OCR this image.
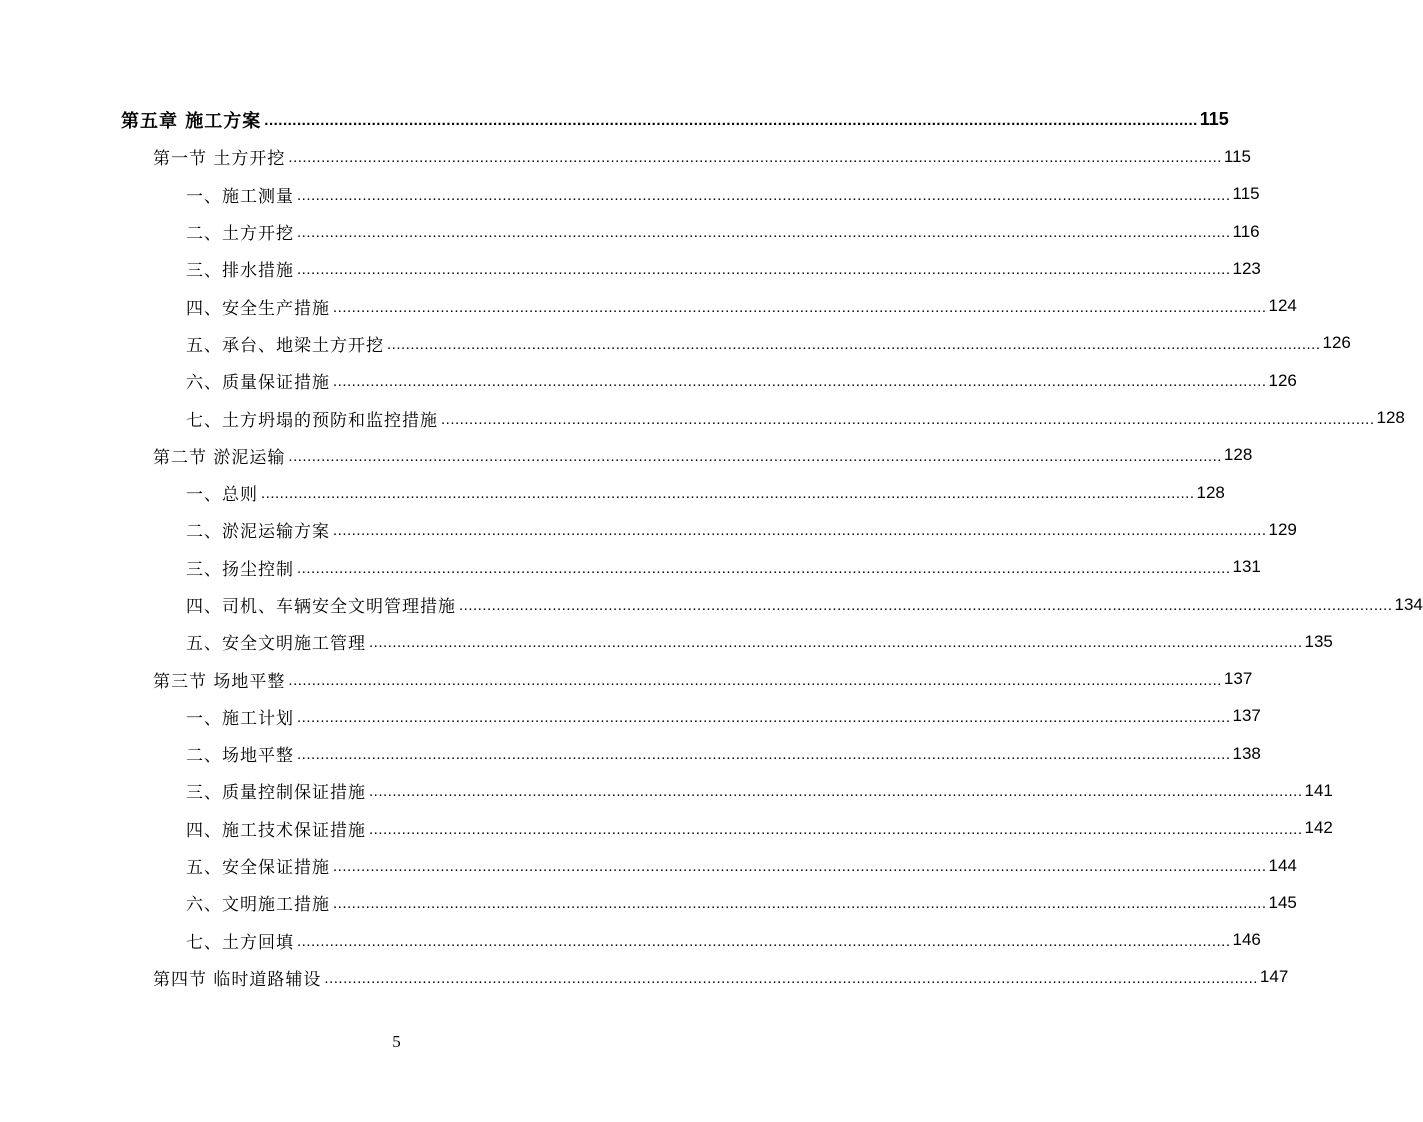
第五章 施工方案 ........................................................................................................................................................................................................ 115
第一节 土方开挖 ........................................................................................................................................................................................................ 115
一、施工测量 ........................................................................................................................................................................................................ 115
二、土方开挖 ........................................................................................................................................................................................................ 116
三、排水措施 ........................................................................................................................................................................................................ 123
四、安全生产措施 ........................................................................................................................................................................................................ 124
五、承台、地梁土方开挖 ........................................................................................................................................................................................................ 126
六、质量保证措施 ........................................................................................................................................................................................................ 126
七、土方坍塌的预防和监控措施 ........................................................................................................................................................................................................ 128
第二节 淤泥运输 ........................................................................................................................................................................................................ 128
一、总则 ........................................................................................................................................................................................................ 128
二、淤泥运输方案 ........................................................................................................................................................................................................ 129
三、扬尘控制 ........................................................................................................................................................................................................ 131
四、司机、车辆安全文明管理措施 ........................................................................................................................................................................................................ 134
五、安全文明施工管理 ........................................................................................................................................................................................................ 135
第三节 场地平整 ........................................................................................................................................................................................................ 137
一、施工计划 ........................................................................................................................................................................................................ 137
二、场地平整 ........................................................................................................................................................................................................ 138
三、质量控制保证措施 ........................................................................................................................................................................................................ 141
四、施工技术保证措施 ........................................................................................................................................................................................................ 142
五、安全保证措施 ........................................................................................................................................................................................................ 144
六、文明施工措施 ........................................................................................................................................................................................................ 145
七、土方回填 ........................................................................................................................................................................................................ 146
第四节 临时道路辅设 ........................................................................................................................................................................................................ 147
5
